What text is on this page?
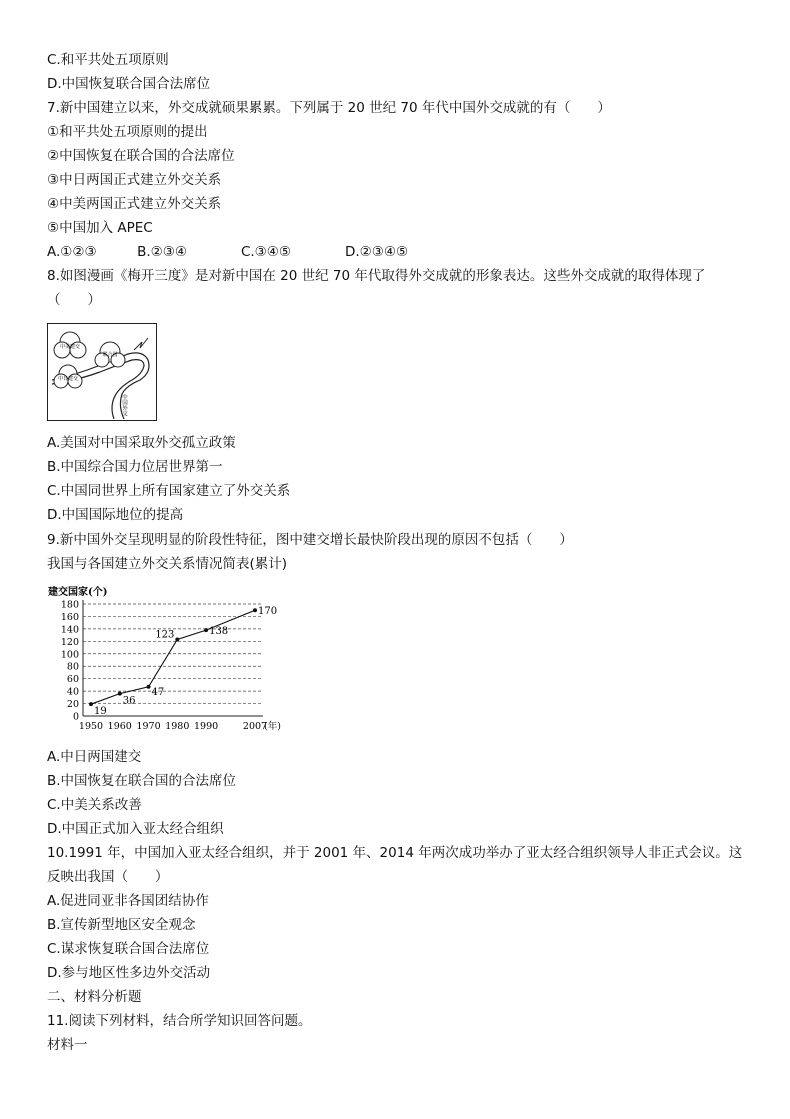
C.和平共处五项原则
D.中国恢复联合国合法席位
7.新中国建立以来，外交成就硕果累累。下列属于 20 世纪 70 年代中国外交成就的有（　　）
①和平共处五项原则的提出
②中国恢复在联合国的合法席位
③中日两国正式建立外交关系
④中美两国正式建立外交关系
⑤中国加入 APEC
A.①②③　　　B.②③④　　　　C.③④⑤　　　　D.②③④⑤
8.如图漫画《梅开三度》是对新中国在 20 世纪 70 年代取得外交成就的形象表达。这些外交成就的取得体现了
（　　）
中美建交
联合国
中日建交
中国外交
A.美国对中国采取外交孤立政策
B.中国综合国力位居世界第一
C.中国同世界上所有国家建立了外交关系
D.中国国际地位的提高
9.新中国外交呈现明显的阶段性特征，图中建交增长最快阶段出现的原因不包括（　　）
我国与各国建立外交关系情况简表(累计)
建交国家(个)
0
20
40
60
80
100
120
140
160
180
1950 1960 1970 1980 1990	2007
(年)
19
36
47
123	138
170
A.中日两国建交
B.中国恢复在联合国的合法席位
C.中美关系改善
D.中国正式加入亚太经合组织
10.1991 年，中国加入亚太经合组织，并于 2001 年、2014 年两次成功举办了亚太经合组织领导人非正式会议。这
反映出我国（　　）
A.促进同亚非各国团结协作
B.宣传新型地区安全观念
C.谋求恢复联合国合法席位
D.参与地区性多边外交活动
二、材料分析题
11.阅读下列材料，结合所学知识回答问题。
材料一
